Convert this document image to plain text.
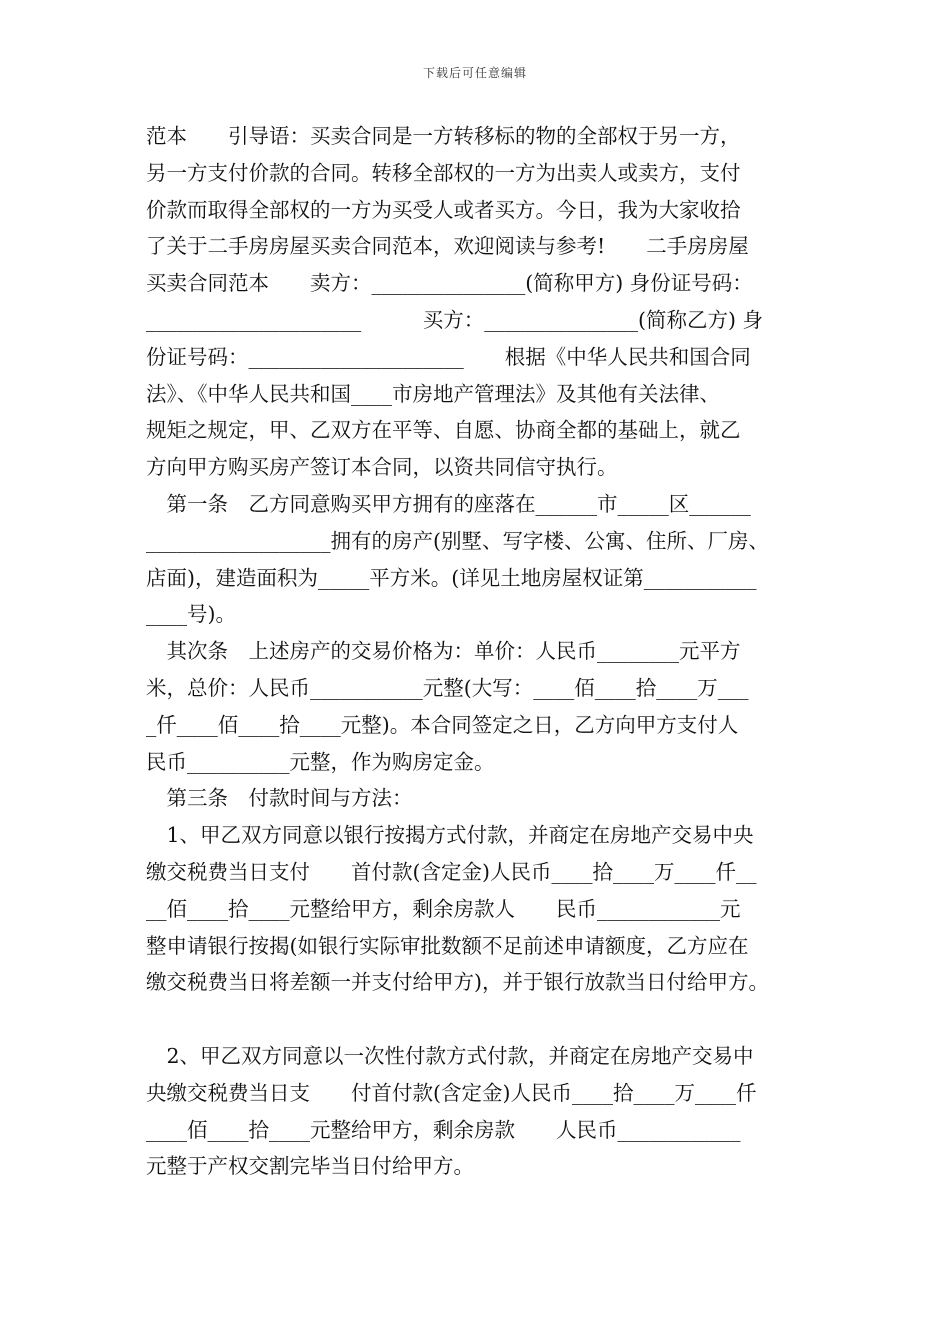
下载后可任意编辑
范本　　引导语：买卖合同是一方转移标的物的全部权于另一方，
另一方支付价款的合同。转移全部权的一方为出卖人或卖方，支付
价款而取得全部权的一方为买受人或者买方。今日，我为大家收拾
了关于二手房房屋买卖合同范本，欢迎阅读与参考!　　二手房房屋
买卖合同范本　　卖方：_______________(简称甲方) 身份证号码：
_____________________　　　买方：_______________(简称乙方) 身
份证号码：_____________________　　根据《中华人民共和国合同
法》、《中华人民共和国____市房地产管理法》及其他有关法律、
规矩之规定，甲、乙双方在平等、自愿、协商全都的基础上，就乙
方向甲方购买房产签订本合同，以资共同信守执行。
　第一条　乙方同意购买甲方拥有的座落在______市_____区______
__________________拥有的房产(别墅、写字楼、公寓、住所、厂房、
店面)，建造面积为_____平方米。(详见土地房屋权证第___________
____号)。
　其次条　上述房产的交易价格为：单价：人民币________元平方
米，总价：人民币___________元整(大写：____佰____拾____万___
_仟____佰____拾____元整)。本合同签定之日，乙方向甲方支付人
民币__________元整，作为购房定金。
　第三条　付款时间与方法：
　1、甲乙双方同意以银行按揭方式付款，并商定在房地产交易中央
缴交税费当日支付　　首付款(含定金)人民币____拾____万____仟__
__佰____拾____元整给甲方，剩余房款人　　民币____________元
整申请银行按揭(如银行实际审批数额不足前述申请额度，乙方应在
缴交税费当日将差额一并支付给甲方)，并于银行放款当日付给甲方。
　2、甲乙双方同意以一次性付款方式付款，并商定在房地产交易中
央缴交税费当日支　　付首付款(含定金)人民币____拾____万____仟
____佰____拾____元整给甲方，剩余房款　　人民币____________
元整于产权交割完毕当日付给甲方。
